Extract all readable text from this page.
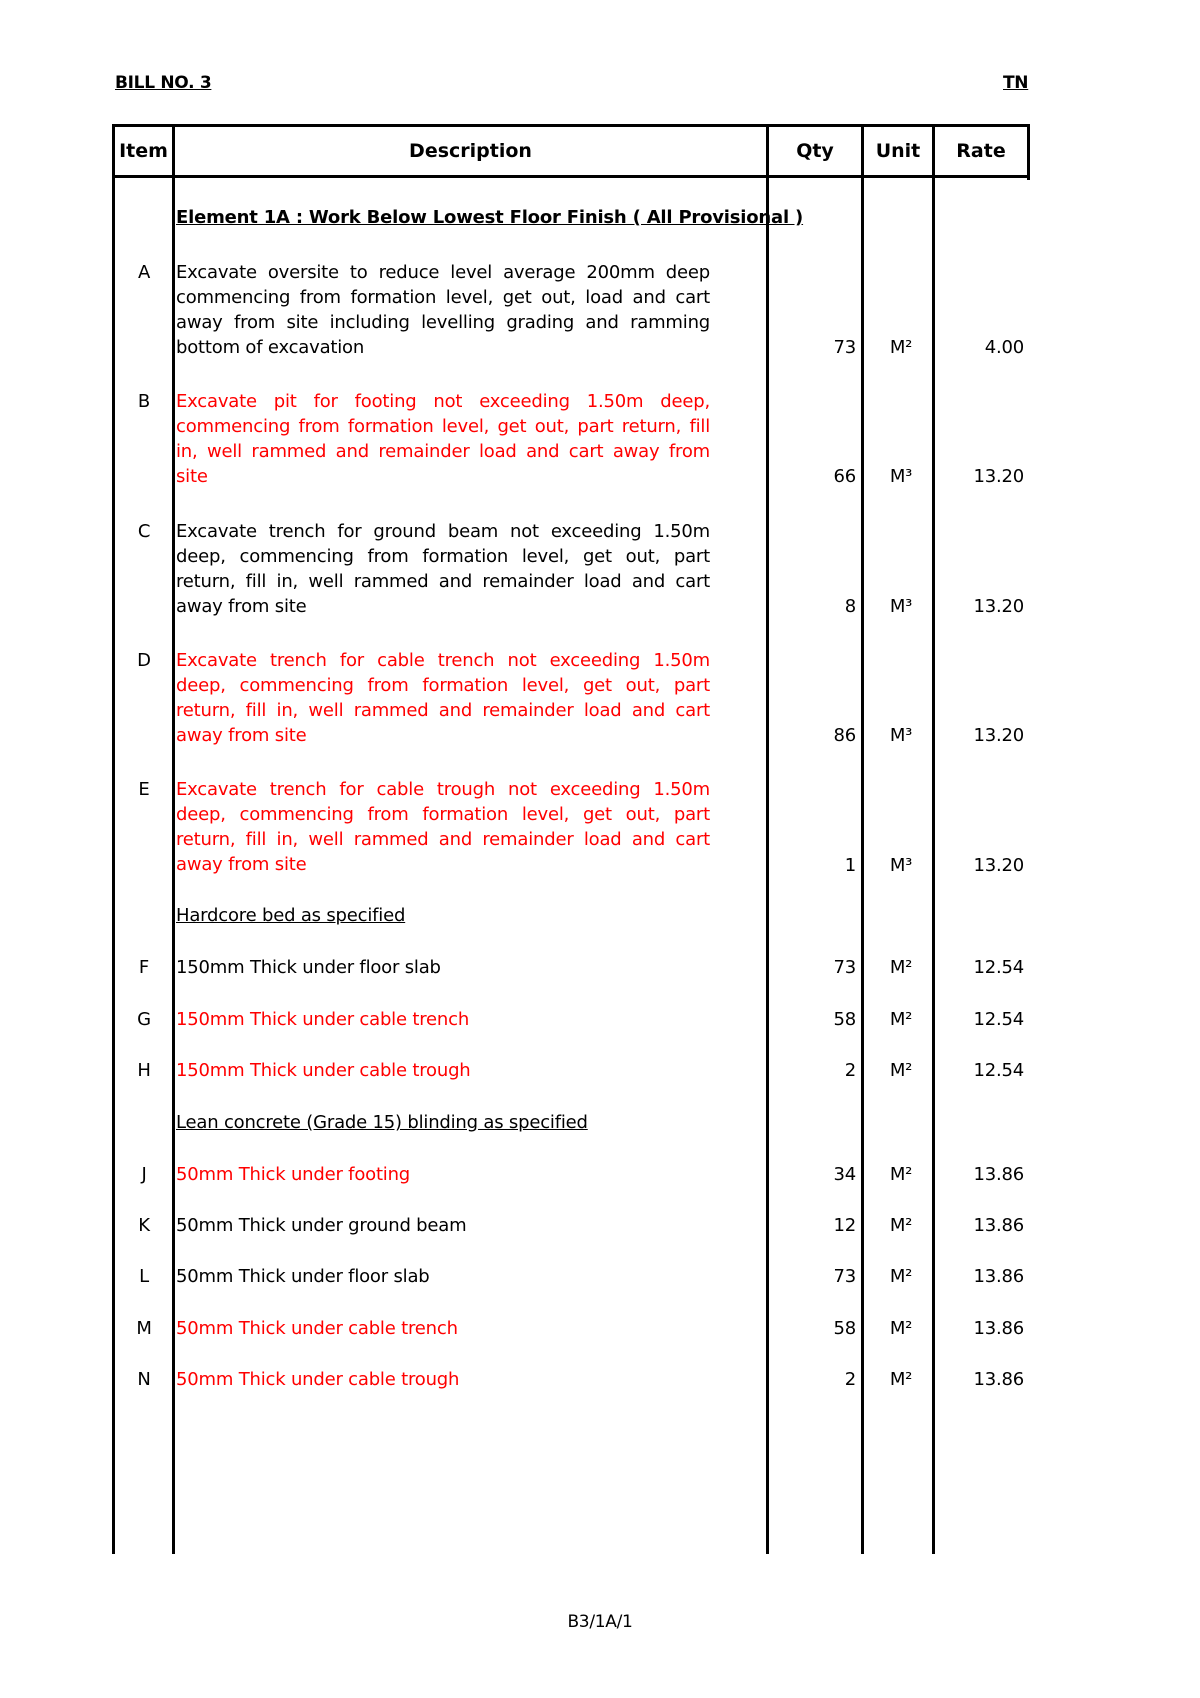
BILL NO. 3	TN
Item	Description	Qty	Unit	Rate
Element 1A : Work Below Lowest Floor Finish ( All Provisional )
A	Excavate oversite to reduce level average 200mm deep commencing from formation level, get out, load and cart away from site including levelling grading and ramming bottom of excavation	73	M²	4.00
B	Excavate pit for footing not exceeding 1.50m deep, commencing from formation level, get out, part return, fill in, well rammed and remainder load and cart away from site	66	M³	13.20
C	Excavate trench for ground beam not exceeding 1.50m deep, commencing from formation level, get out, part return, fill in, well rammed and remainder load and cart away from site	8	M³	13.20
D	Excavate trench for cable trench not exceeding 1.50m deep, commencing from formation level, get out, part return, fill in, well rammed and remainder load and cart away from site	86	M³	13.20
E	Excavate trench for cable trough not exceeding 1.50m deep, commencing from formation level, get out, part return, fill in, well rammed and remainder load and cart away from site	1	M³	13.20
Hardcore bed as specified
F	150mm Thick under floor slab	73	M²	12.54
G	150mm Thick under cable trench	58	M²	12.54
H	150mm Thick under cable trough	2	M²	12.54
Lean concrete (Grade 15) blinding as specified
J	50mm Thick under footing	34	M²	13.86
K	50mm Thick under ground beam	12	M²	13.86
L	50mm Thick under floor slab	73	M²	13.86
M	50mm Thick under cable trench	58	M²	13.86
N	50mm Thick under cable trough	2	M²	13.86
B3/1A/1
